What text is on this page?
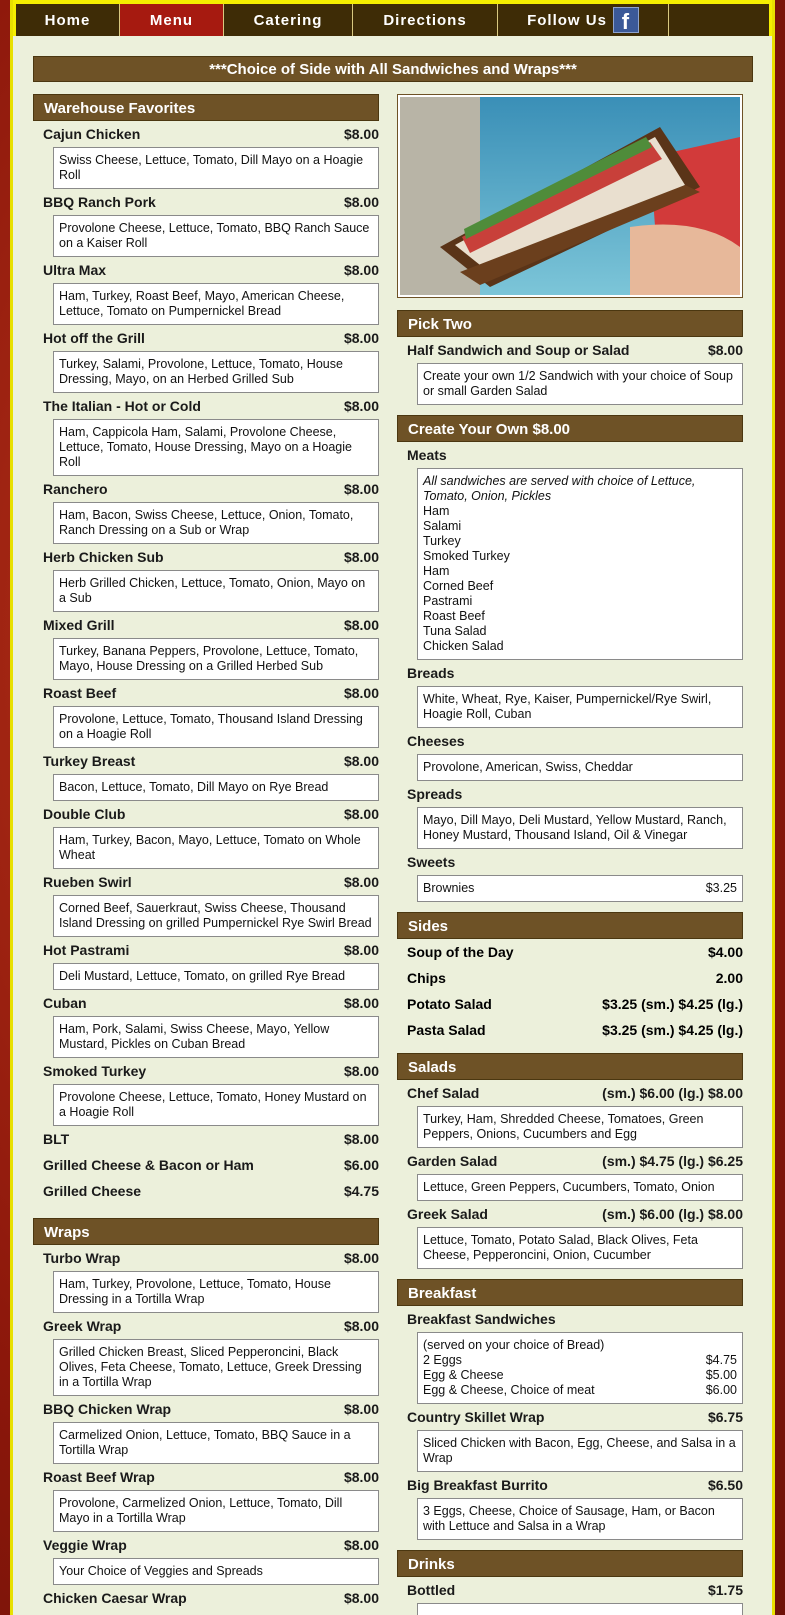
Home	Menu	Catering	Directions	Follow Us f
***Choice of Side with All Sandwiches and Wraps***
Warehouse Favorites
Cajun Chicken	$8.00
Swiss Cheese, Lettuce, Tomato, Dill Mayo on a Hoagie Roll
BBQ Ranch Pork	$8.00
Provolone Cheese, Lettuce, Tomato, BBQ Ranch Sauce on a Kaiser Roll
Ultra Max	$8.00
Ham, Turkey, Roast Beef, Mayo, American Cheese, Lettuce, Tomato on Pumpernickel Bread
Hot off the Grill	$8.00
Turkey, Salami, Provolone, Lettuce, Tomato, House Dressing, Mayo, on an Herbed Grilled Sub
The Italian - Hot or Cold	$8.00
Ham, Cappicola Ham, Salami, Provolone Cheese, Lettuce, Tomato, House Dressing, Mayo on a Hoagie Roll
Ranchero	$8.00
Ham, Bacon, Swiss Cheese, Lettuce, Onion, Tomato, Ranch Dressing on a Sub or Wrap
Herb Chicken Sub	$8.00
Herb Grilled Chicken, Lettuce, Tomato, Onion, Mayo on a Sub
Mixed Grill	$8.00
Turkey, Banana Peppers, Provolone, Lettuce, Tomato, Mayo, House Dressing on a Grilled Herbed Sub
Roast Beef	$8.00
Provolone, Lettuce, Tomato, Thousand Island Dressing on a Hoagie Roll
Turkey Breast	$8.00
Bacon, Lettuce, Tomato, Dill Mayo on Rye Bread
Double Club	$8.00
Ham, Turkey, Bacon, Mayo, Lettuce, Tomato on Whole Wheat
Rueben Swirl	$8.00
Corned Beef, Sauerkraut, Swiss Cheese, Thousand Island Dressing on grilled Pumpernickel Rye Swirl Bread
Hot Pastrami	$8.00
Deli Mustard, Lettuce, Tomato, on grilled Rye Bread
Cuban	$8.00
Ham, Pork, Salami, Swiss Cheese, Mayo, Yellow Mustard, Pickles on Cuban Bread
Smoked Turkey	$8.00
Provolone Cheese, Lettuce, Tomato, Honey Mustard on a Hoagie Roll
BLT	$8.00
Grilled Cheese & Bacon or Ham	$6.00
Grilled Cheese	$4.75
Wraps
Turbo Wrap	$8.00
Ham, Turkey, Provolone, Lettuce, Tomato, House Dressing in a Tortilla Wrap
Greek Wrap	$8.00
Grilled Chicken Breast, Sliced Pepperoncini, Black Olives, Feta Cheese, Tomato, Lettuce, Greek Dressing in a Tortilla Wrap
BBQ Chicken Wrap	$8.00
Carmelized Onion, Lettuce, Tomato, BBQ Sauce in a Tortilla Wrap
Roast Beef Wrap	$8.00
Provolone, Carmelized Onion, Lettuce, Tomato, Dill Mayo in a Tortilla Wrap
Veggie Wrap	$8.00
Your Choice of Veggies and Spreads
Chicken Caesar Wrap	$8.00
Pick Two
Half Sandwich and Soup or Salad	$8.00
Create your own 1/2 Sandwich with your choice of Soup or small Garden Salad
Create Your Own $8.00
Meats
All sandwiches are served with choice of Lettuce, Tomato, Onion, Pickles
Ham
Salami
Turkey
Smoked Turkey
Ham
Corned Beef
Pastrami
Roast Beef
Tuna Salad
Chicken Salad
Breads
White, Wheat, Rye, Kaiser, Pumpernickel/Rye Swirl, Hoagie Roll, Cuban
Cheeses
Provolone, American, Swiss, Cheddar
Spreads
Mayo, Dill Mayo, Deli Mustard, Yellow Mustard, Ranch, Honey Mustard, Thousand Island, Oil & Vinegar
Sweets
Brownies	$3.25
Sides
Soup of the Day	$4.00
Chips	2.00
Potato Salad	$3.25 (sm.) $4.25 (lg.)
Pasta Salad	$3.25 (sm.) $4.25 (lg.)
Salads
Chef Salad	(sm.) $6.00 (lg.) $8.00
Turkey, Ham, Shredded Cheese, Tomatoes, Green Peppers, Onions, Cucumbers and Egg
Garden Salad	(sm.) $4.75 (lg.) $6.25
Lettuce, Green Peppers, Cucumbers, Tomato, Onion
Greek Salad	(sm.) $6.00 (lg.) $8.00
Lettuce, Tomato, Potato Salad, Black Olives, Feta Cheese, Pepperoncini, Onion, Cucumber
Breakfast
Breakfast Sandwiches
(served on your choice of Bread)
2 Eggs	$4.75
Egg & Cheese	$5.00
Egg & Cheese, Choice of meat	$6.00
Country Skillet Wrap	$6.75
Sliced Chicken with Bacon, Egg, Cheese, and Salsa in a Wrap
Big Breakfast Burrito	$6.50
3 Eggs, Cheese, Choice of Sausage, Ham, or Bacon with Lettuce and Salsa in a Wrap
Drinks
Bottled	$1.75
